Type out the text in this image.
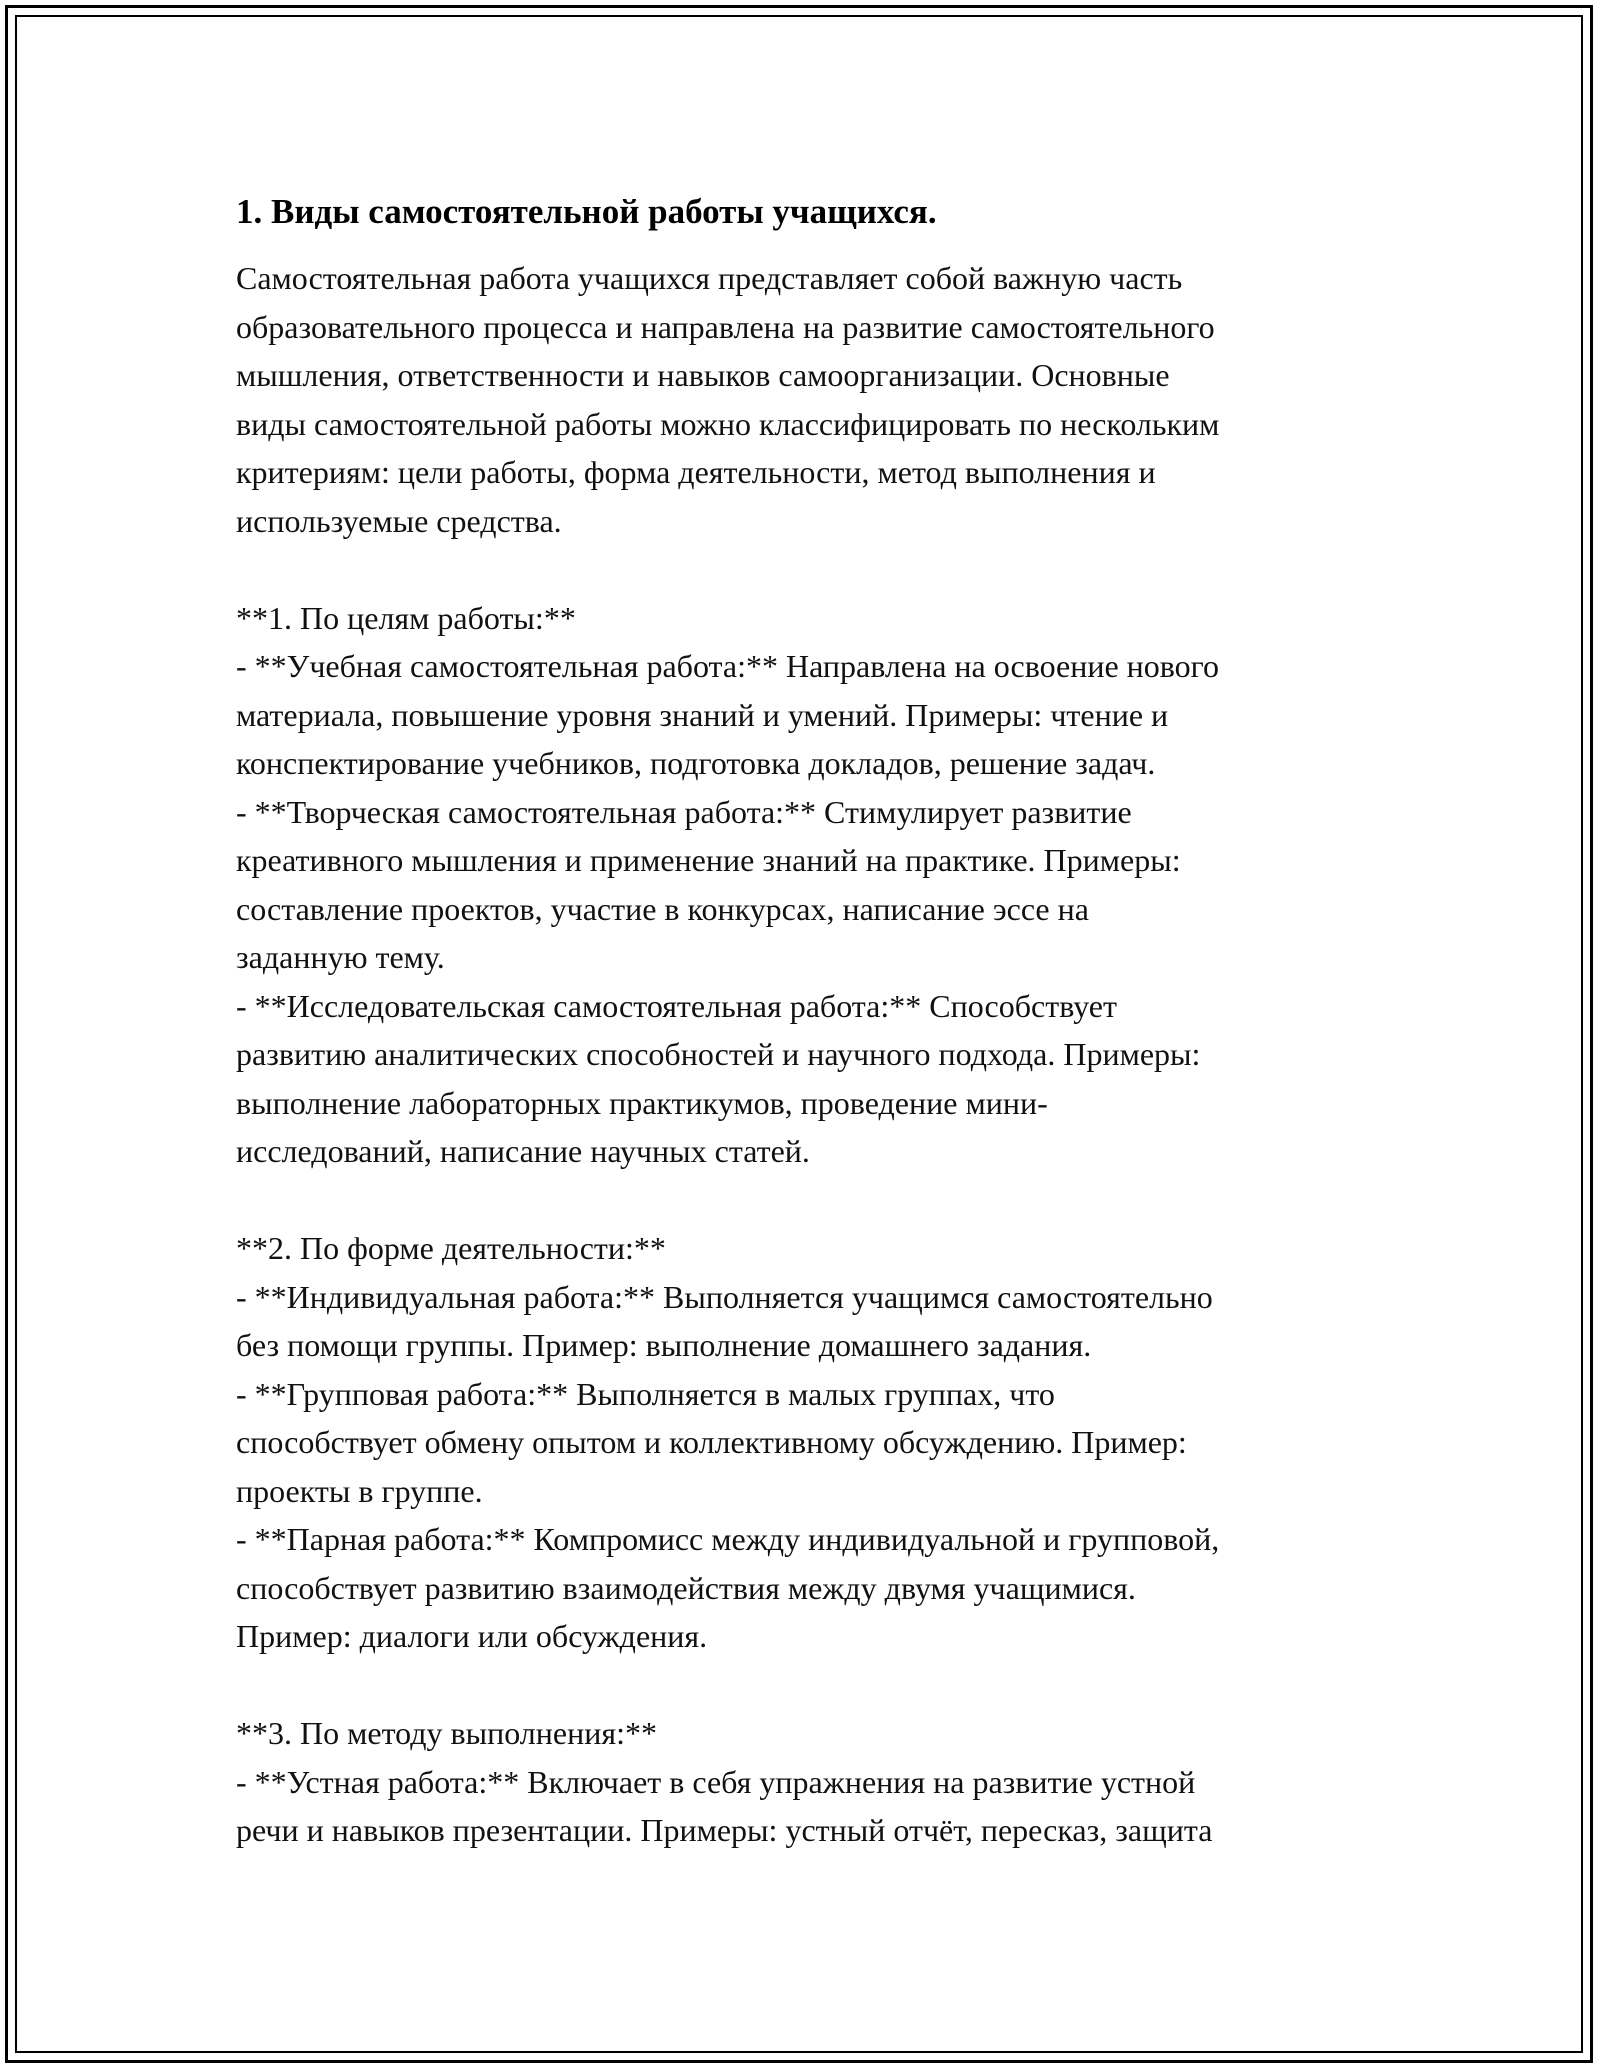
1. Виды самостоятельной работы учащихся.

Самостоятельная работа учащихся представляет собой важную часть
образовательного процесса и направлена на развитие самостоятельного
мышления, ответственности и навыков самоорганизации. Основные
виды самостоятельной работы можно классифицировать по нескольким
критериям: цели работы, форма деятельности, метод выполнения и
используемые средства.

**1. По целям работы:**

- **Учебная самостоятельная работа:** Направлена на освоение нового
материала, повышение уровня знаний и умений. Примеры: чтение и
конспектирование учебников, подготовка докладов, решение задач.

- **Творческая самостоятельная работа:** Стимулирует развитие
креативного мышления и применение знаний на практике. Примеры:
составление проектов, участие в конкурсах, написание эссе на
заданную тему.

- **Исследовательская самостоятельная работа:** Способствует
развитию аналитических способностей и научного подхода. Примеры:
выполнение лабораторных практикумов, проведение мини-
исследований, написание научных статей.

**2. По форме деятельности:**

- **Индивидуальная работа:** Выполняется учащимся самостоятельно
без помощи группы. Пример: выполнение домашнего задания.

- **Групповая работа:** Выполняется в малых группах, что
способствует обмену опытом и коллективному обсуждению. Пример:
проекты в группе.

- **Парная работа:** Компромисс между индивидуальной и групповой,
способствует развитию взаимодействия между двумя учащимися.
Пример: диалоги или обсуждения.

**3. По методу выполнения:**

- **Устная работа:** Включает в себя упражнения на развитие устной
речи и навыков презентации. Примеры: устный отчёт, пересказ, защита
